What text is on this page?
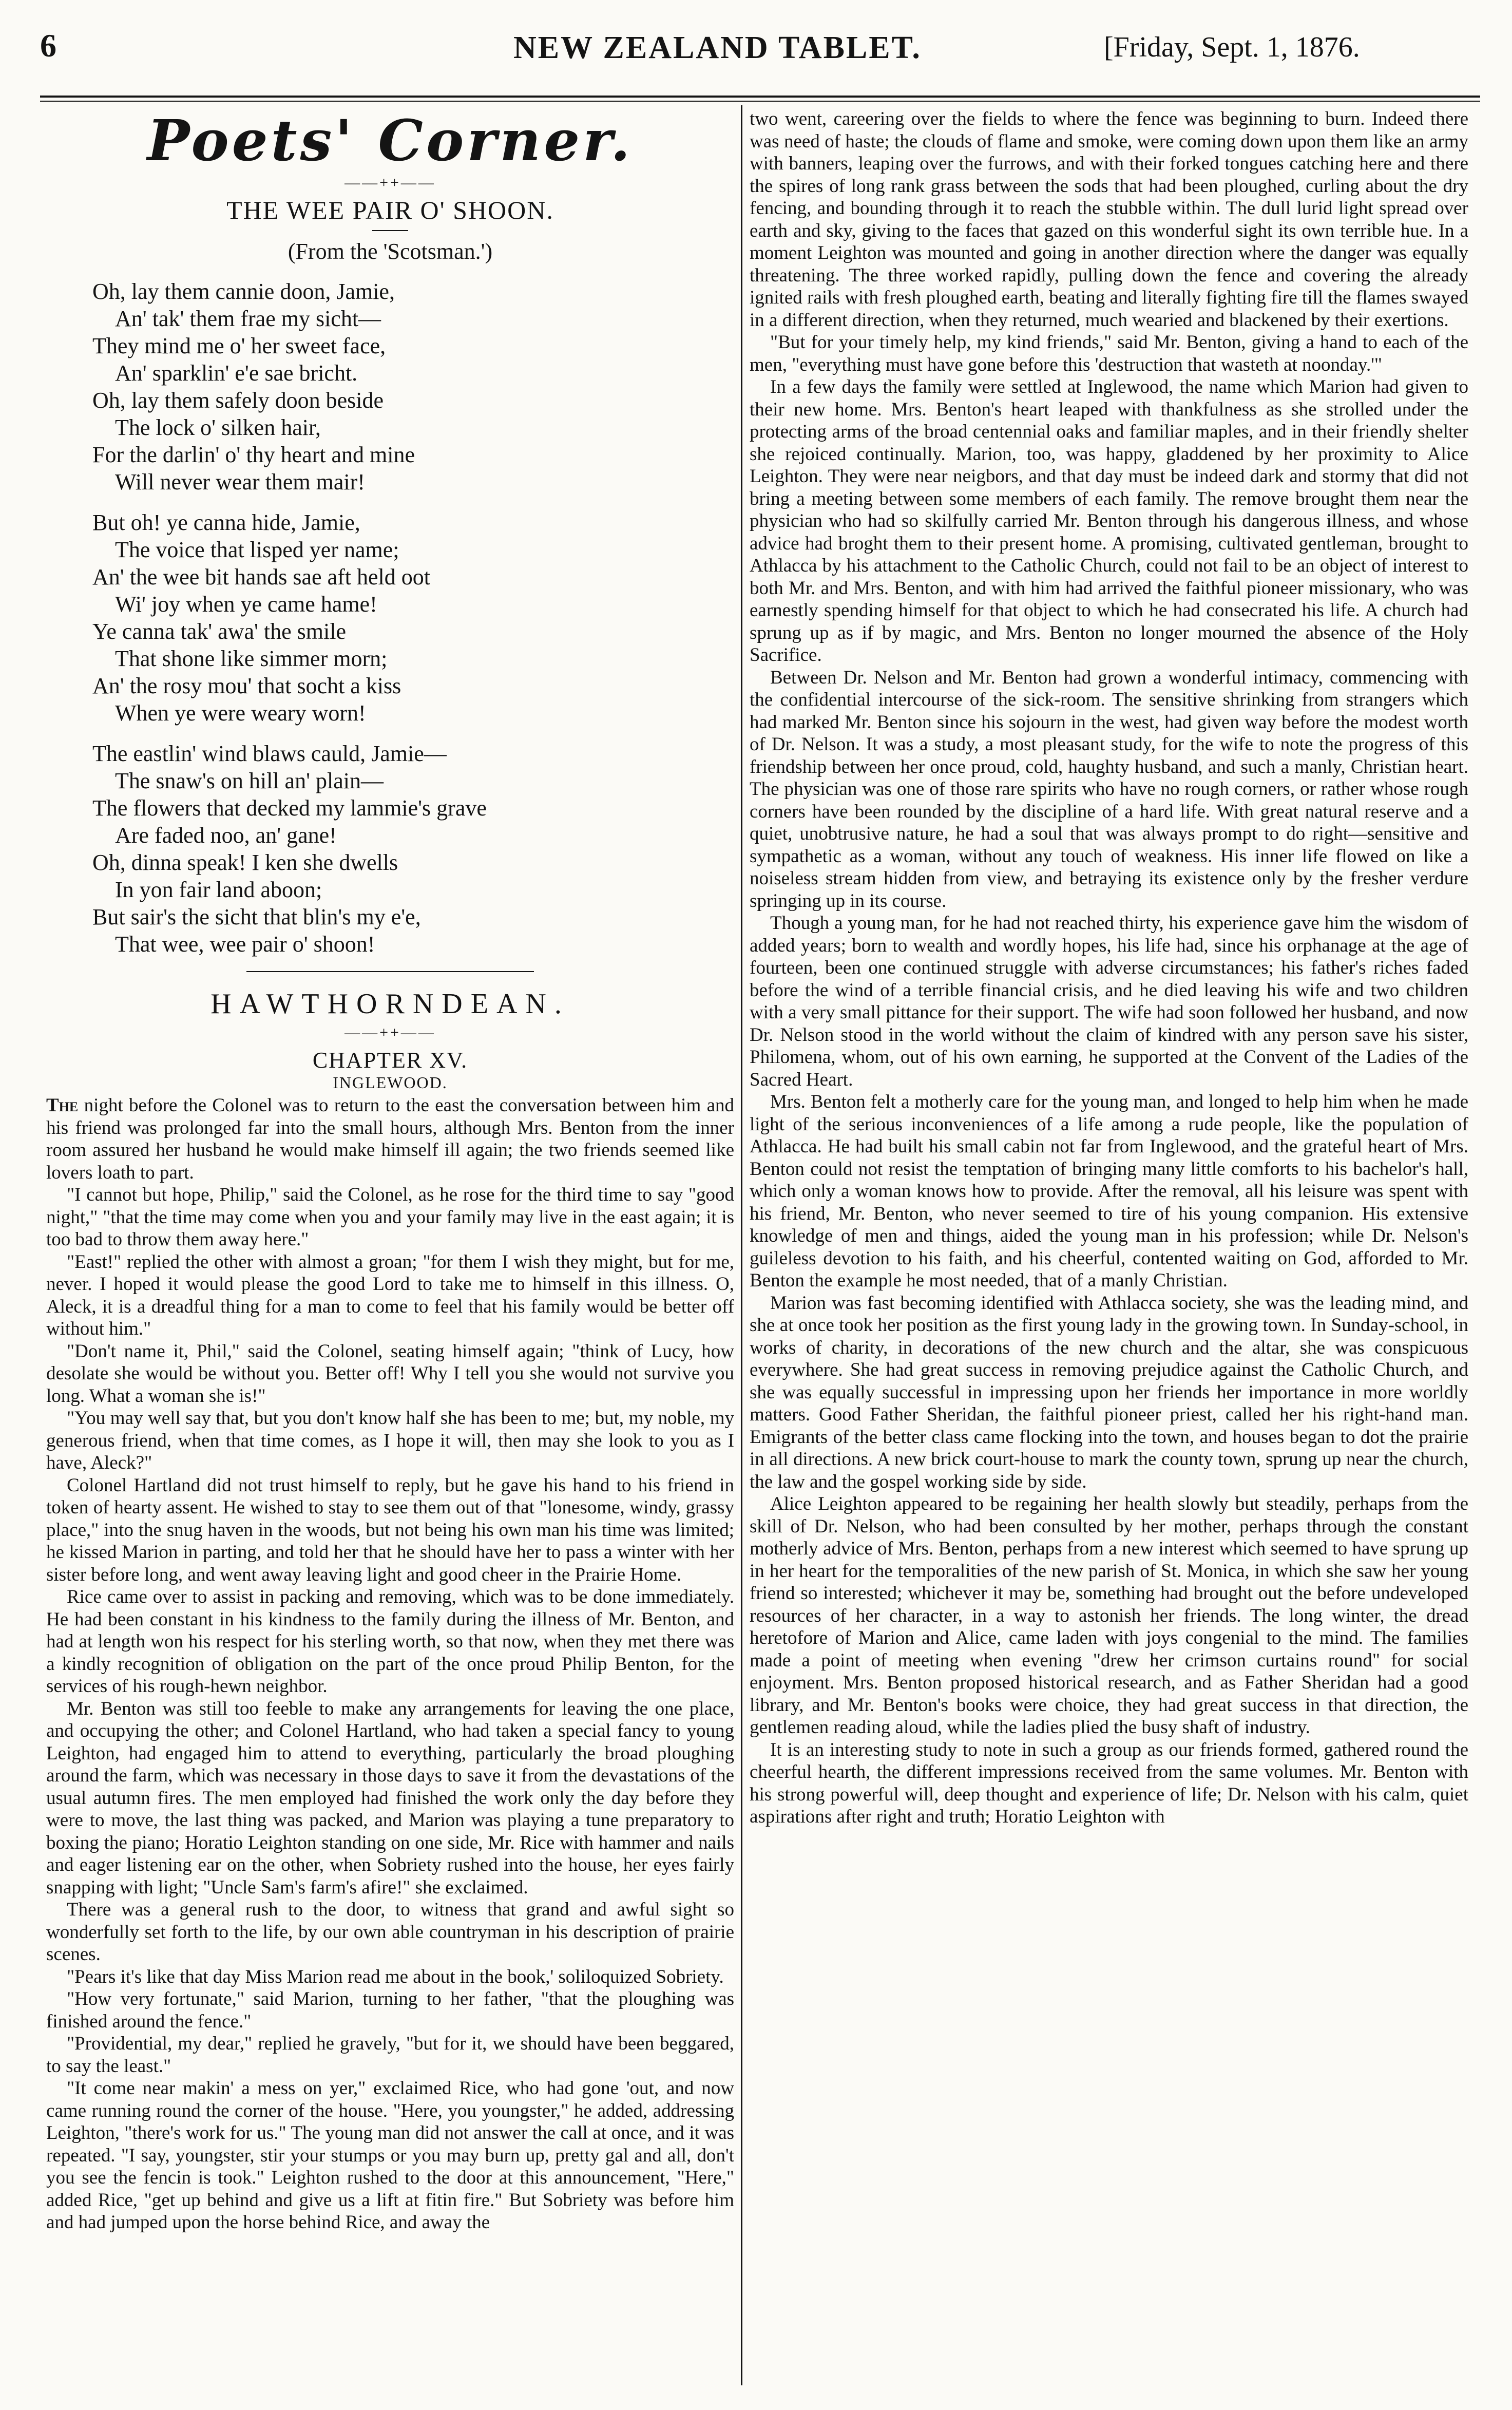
6	NEW ZEALAND TABLET.	[Friday, Sept. 1, 1876.
Poets' Corner.
——++——
THE WEE PAIR O' SHOON.
(From the 'Scotsman.')
Oh, lay them cannie doon, Jamie,
An' tak' them frae my sicht—
They mind me o' her sweet face,
An' sparklin' e'e sae bricht.
Oh, lay them safely doon beside
The lock o' silken hair,
For the darlin' o' thy heart and mine
Will never wear them mair!
But oh! ye canna hide, Jamie,
The voice that lisped yer name;
An' the wee bit hands sae aft held oot
Wi' joy when ye came hame!
Ye canna tak' awa' the smile
That shone like simmer morn;
An' the rosy mou' that socht a kiss
When ye were weary worn!
The eastlin' wind blaws cauld, Jamie—
The snaw's on hill an' plain—
The flowers that decked my lammie's grave
Are faded noo, an' gane!
Oh, dinna speak! I ken she dwells
In yon fair land aboon;
But sair's the sicht that blin's my e'e,
That wee, wee pair o' shoon!
HAWTHORNDEAN.
——++——
CHAPTER XV.
INGLEWOOD.

The night before the Colonel was to return to the east the conversation between him and his friend was prolonged far into the small hours, although Mrs. Benton from the inner room assured her husband he would make himself ill again; the two friends seemed like lovers loath to part.

"I cannot but hope, Philip," said the Colonel, as he rose for the third time to say "good night," "that the time may come when you and your family may live in the east again; it is too bad to throw them away here."

"East!" replied the other with almost a groan; "for them I wish they might, but for me, never. I hoped it would please the good Lord to take me to himself in this illness. O, Aleck, it is a dreadful thing for a man to come to feel that his family would be better off without him."

"Don't name it, Phil," said the Colonel, seating himself again; "think of Lucy, how desolate she would be without you. Better off! Why I tell you she would not survive you long. What a woman she is!"

"You may well say that, but you don't know half she has been to me; but, my noble, my generous friend, when that time comes, as I hope it will, then may she look to you as I have, Aleck?"

Colonel Hartland did not trust himself to reply, but he gave his hand to his friend in token of hearty assent. He wished to stay to see them out of that "lonesome, windy, grassy place," into the snug haven in the woods, but not being his own man his time was limited; he kissed Marion in parting, and told her that he should have her to pass a winter with her sister before long, and went away leaving light and good cheer in the Prairie Home.

Rice came over to assist in packing and removing, which was to be done immediately. He had been constant in his kindness to the family during the illness of Mr. Benton, and had at length won his respect for his sterling worth, so that now, when they met there was a kindly recognition of obligation on the part of the once proud Philip Benton, for the services of his rough-hewn neighbor.

Mr. Benton was still too feeble to make any arrangements for leaving the one place, and occupying the other; and Colonel Hartland, who had taken a special fancy to young Leighton, had engaged him to attend to everything, particularly the broad ploughing around the farm, which was necessary in those days to save it from the devastations of the usual autumn fires. The men employed had finished the work only the day before they were to move, the last thing was packed, and Marion was playing a tune preparatory to boxing the piano; Horatio Leighton standing on one side, Mr. Rice with hammer and nails and eager listening ear on the other, when Sobriety rushed into the house, her eyes fairly snapping with light; "Uncle Sam's farm's afire!" she exclaimed.

There was a general rush to the door, to witness that grand and awful sight so wonderfully set forth to the life, by our own able countryman in his description of prairie scenes.

"Pears it's like that day Miss Marion read me about in the book,' soliloquized Sobriety.

"How very fortunate," said Marion, turning to her father, "that the ploughing was finished around the fence."

"Providential, my dear," replied he gravely, "but for it, we should have been beggared, to say the least."

"It come near makin' a mess on yer," exclaimed Rice, who had gone 'out, and now came running round the corner of the house. "Here, you youngster," he added, addressing Leighton, "there's work for us." The young man did not answer the call at once, and it was repeated. "I say, youngster, stir your stumps or you may burn up, pretty gal and all, don't you see the fencin is took." Leighton rushed to the door at this announcement, "Here," added Rice, "get up behind and give us a lift at fitin fire." But Sobriety was before him and had jumped upon the horse behind Rice, and away the

two went, careering over the fields to where the fence was beginning to burn. Indeed there was need of haste; the clouds of flame and smoke, were coming down upon them like an army with banners, leaping over the furrows, and with their forked tongues catching here and there the spires of long rank grass between the sods that had been ploughed, curling about the dry fencing, and bounding through it to reach the stubble within. The dull lurid light spread over earth and sky, giving to the faces that gazed on this wonderful sight its own terrible hue. In a moment Leighton was mounted and going in another direction where the danger was equally threatening. The three worked rapidly, pulling down the fence and covering the already ignited rails with fresh ploughed earth, beating and literally fighting fire till the flames swayed in a different direction, when they returned, much wearied and blackened by their exertions.

"But for your timely help, my kind friends," said Mr. Benton, giving a hand to each of the men, "everything must have gone before this 'destruction that wasteth at noonday.'"

In a few days the family were settled at Inglewood, the name which Marion had given to their new home. Mrs. Benton's heart leaped with thankfulness as she strolled under the protecting arms of the broad centennial oaks and familiar maples, and in their friendly shelter she rejoiced continually. Marion, too, was happy, gladdened by her proximity to Alice Leighton. They were near neigbors, and that day must be indeed dark and stormy that did not bring a meeting between some members of each family. The remove brought them near the physician who had so skilfully carried Mr. Benton through his dangerous illness, and whose advice had broght them to their present home. A promising, cultivated gentleman, brought to Athlacca by his attachment to the Catholic Church, could not fail to be an object of interest to both Mr. and Mrs. Benton, and with him had arrived the faithful pioneer missionary, who was earnestly spending himself for that object to which he had consecrated his life. A church had sprung up as if by magic, and Mrs. Benton no longer mourned the absence of the Holy Sacrifice.

Between Dr. Nelson and Mr. Benton had grown a wonderful intimacy, commencing with the confidential intercourse of the sick-room. The sensitive shrinking from strangers which had marked Mr. Benton since his sojourn in the west, had given way before the modest worth of Dr. Nelson. It was a study, a most pleasant study, for the wife to note the progress of this friendship between her once proud, cold, haughty husband, and such a manly, Christian heart. The physician was one of those rare spirits who have no rough corners, or rather whose rough corners have been rounded by the discipline of a hard life. With great natural reserve and a quiet, unobtrusive nature, he had a soul that was always prompt to do right—sensitive and sympathetic as a woman, without any touch of weakness. His inner life flowed on like a noiseless stream hidden from view, and betraying its existence only by the fresher verdure springing up in its course.

Though a young man, for he had not reached thirty, his experience gave him the wisdom of added years; born to wealth and wordly hopes, his life had, since his orphanage at the age of fourteen, been one continued struggle with adverse circumstances; his father's riches faded before the wind of a terrible financial crisis, and he died leaving his wife and two children with a very small pittance for their support. The wife had soon followed her husband, and now Dr. Nelson stood in the world without the claim of kindred with any person save his sister, Philomena, whom, out of his own earning, he supported at the Convent of the Ladies of the Sacred Heart.

Mrs. Benton felt a motherly care for the young man, and longed to help him when he made light of the serious inconveniences of a life among a rude people, like the population of Athlacca. He had built his small cabin not far from Inglewood, and the grateful heart of Mrs. Benton could not resist the temptation of bringing many little comforts to his bachelor's hall, which only a woman knows how to provide. After the removal, all his leisure was spent with his friend, Mr. Benton, who never seemed to tire of his young companion. His extensive knowledge of men and things, aided the young man in his profession; while Dr. Nelson's guileless devotion to his faith, and his cheerful, contented waiting on God, afforded to Mr. Benton the example he most needed, that of a manly Christian.

Marion was fast becoming identified with Athlacca society, she was the leading mind, and she at once took her position as the first young lady in the growing town. In Sunday-school, in works of charity, in decorations of the new church and the altar, she was conspicuous everywhere. She had great success in removing prejudice against the Catholic Church, and she was equally successful in impressing upon her friends her importance in more worldly matters. Good Father Sheridan, the faithful pioneer priest, called her his right-hand man. Emigrants of the better class came flocking into the town, and houses began to dot the prairie in all directions. A new brick court-house to mark the county town, sprung up near the church, the law and the gospel working side by side.

Alice Leighton appeared to be regaining her health slowly but steadily, perhaps from the skill of Dr. Nelson, who had been consulted by her mother, perhaps through the constant motherly advice of Mrs. Benton, perhaps from a new interest which seemed to have sprung up in her heart for the temporalities of the new parish of St. Monica, in which she saw her young friend so interested; whichever it may be, something had brought out the before undeveloped resources of her character, in a way to astonish her friends. The long winter, the dread heretofore of Marion and Alice, came laden with joys congenial to the mind. The families made a point of meeting when evening "drew her crimson curtains round" for social enjoyment. Mrs. Benton proposed historical research, and as Father Sheridan had a good library, and Mr. Benton's books were choice, they had great success in that direction, the gentlemen reading aloud, while the ladies plied the busy shaft of industry.

It is an interesting study to note in such a group as our friends formed, gathered round the cheerful hearth, the different impressions received from the same volumes. Mr. Benton with his strong powerful will, deep thought and experience of life; Dr. Nelson with his calm, quiet aspirations after right and truth; Horatio Leighton with
